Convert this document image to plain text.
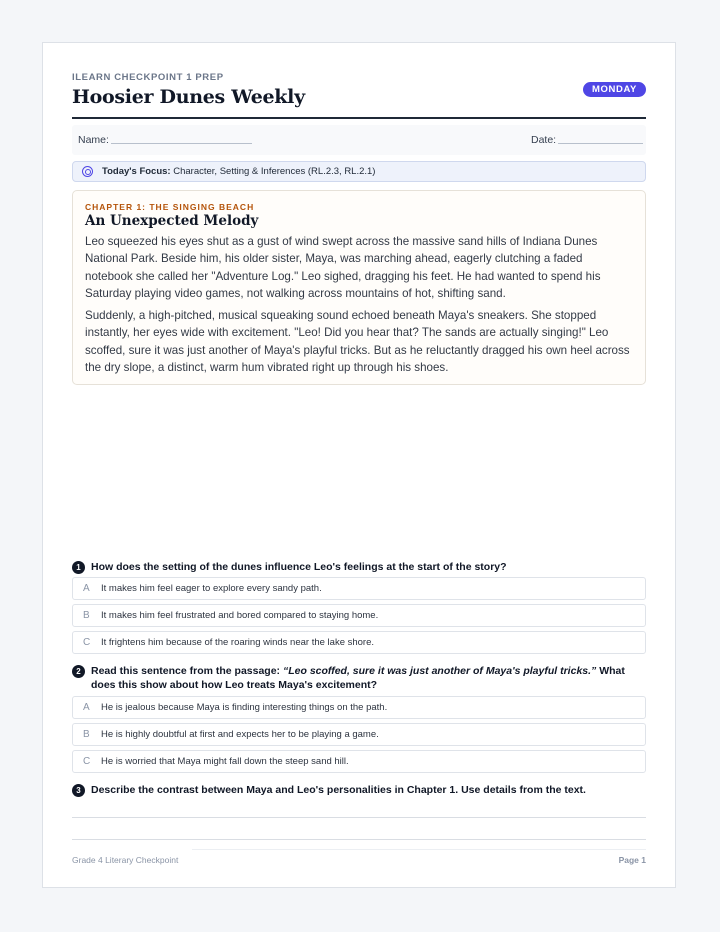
ILEARN CHECKPOINT 1 PREP
Hoosier Dunes Weekly	MONDAY
Name:	Date:
Today's Focus: Character, Setting & Inferences (RL.2.3, RL.2.1)
CHAPTER 1: THE SINGING BEACH
An Unexpected Melody

Leo squeezed his eyes shut as a gust of wind swept across the massive sand hills of Indiana Dunes National Park. Beside him, his older sister, Maya, was marching ahead, eagerly clutching a faded notebook she called her "Adventure Log." Leo sighed, dragging his feet. He had wanted to spend his Saturday playing video games, not walking across mountains of hot, shifting sand.

Suddenly, a high-pitched, musical squeaking sound echoed beneath Maya's sneakers. She stopped instantly, her eyes wide with excitement. "Leo! Did you hear that? The sands are actually singing!" Leo scoffed, sure it was just another of Maya's playful tricks. But as he reluctantly dragged his own heel across the dry slope, a distinct, warm hum vibrated right up through his shoes.

1 How does the setting of the dunes influence Leo's feelings at the start of the story?
A It makes him feel eager to explore every sandy path.
B It makes him feel frustrated and bored compared to staying home.
C It frightens him because of the roaring winds near the lake shore.
2 Read this sentence from the passage: “Leo scoffed, sure it was just another of Maya's playful tricks.” What does this show about how Leo treats Maya's excitement?
A He is jealous because Maya is finding interesting things on the path.
B He is highly doubtful at first and expects her to be playing a game.
C He is worried that Maya might fall down the steep sand hill.
3 Describe the contrast between Maya and Leo's personalities in Chapter 1. Use details from the text.
Grade 4 Literary Checkpoint	Page 1
